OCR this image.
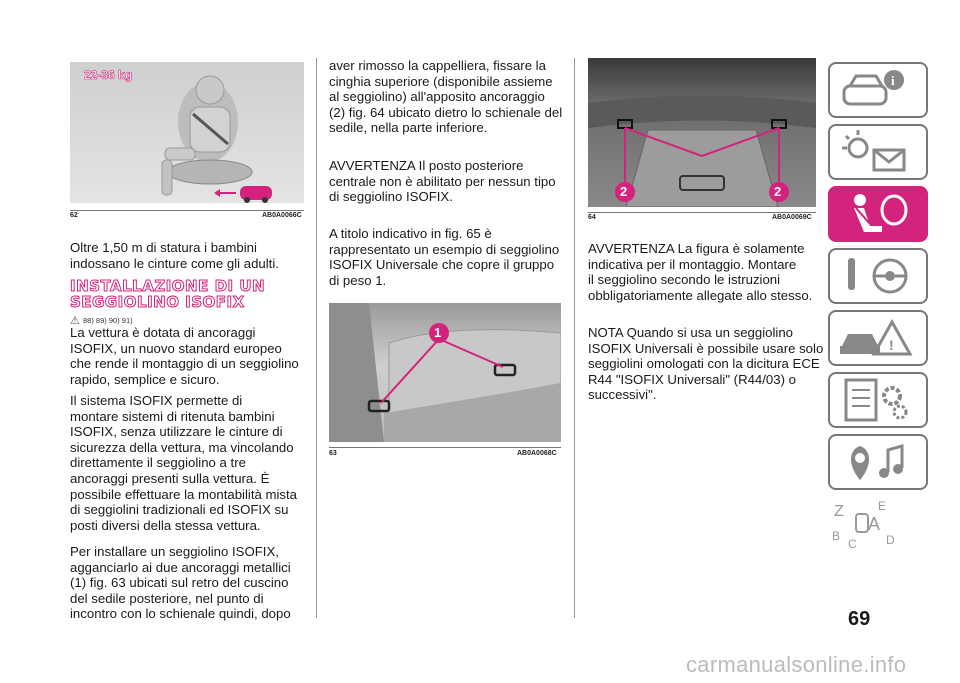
22-36 kg
62	AB0A0066C
Oltre 1,50 m di statura i bambini
indossano le cinture come gli adulti.
INSTALLAZIONE DI UN
SEGGIOLINO ISOFIX
⚠ 88) 89) 90) 91)
La vettura è dotata di ancoraggi
ISOFIX, un nuovo standard europeo
che rende il montaggio di un seggiolino
rapido, semplice e sicuro.
Il sistema ISOFIX permette di
montare sistemi di ritenuta bambini
ISOFIX, senza utilizzare le cinture di
sicurezza della vettura, ma vincolando
direttamente il seggiolino a tre
ancoraggi presenti sulla vettura. È
possibile effettuare la montabilità mista
di seggiolini tradizionali ed ISOFIX su
posti diversi della stessa vettura.
Per installare un seggiolino ISOFIX,
agganciarlo ai due ancoraggi metallici
(1) fig. 63 ubicati sul retro del cuscino
del sedile posteriore, nel punto di
incontro con lo schienale quindi, dopo
aver rimosso la cappelliera, fissare la
cinghia superiore (disponibile assieme
al seggiolino) all'apposito ancoraggio
(2) fig. 64 ubicato dietro lo schienale del
sedile, nella parte inferiore.
AVVERTENZA Il posto posteriore
centrale non è abilitato per nessun tipo
di seggiolino ISOFIX.
A titolo indicativo in fig. 65 è
rappresentato un esempio di seggiolino
ISOFIX Universale che copre il gruppo
di peso 1.
1
63	AB0A0068C
2	2
64	AB0A0069C
AVVERTENZA La figura è solamente
indicativa per il montaggio. Montare
il seggiolino secondo le istruzioni
obbligatoriamente allegate allo stesso.
NOTA Quando si usa un seggiolino
ISOFIX Universali è possibile usare solo
seggiolini omologati con la dicitura ECE
R44 "ISOFIX Universali" (R44/03) o
successivi".
i
!
Z	E
A
B
C D
69
carmanualsonline.info
